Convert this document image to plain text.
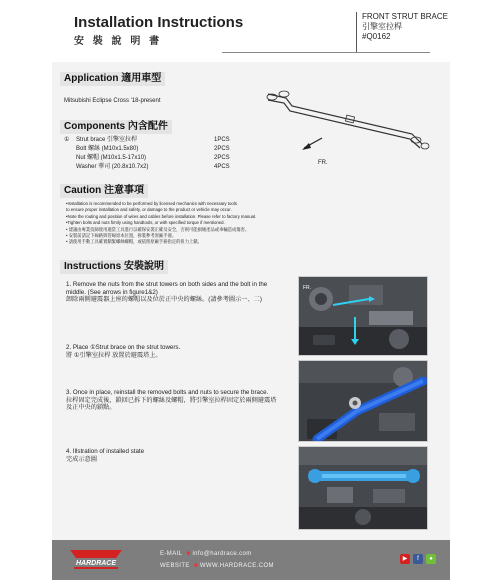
Installation Instructions
安 裝 說 明 書
FRONT STRUT BRACE
引擎室拉桿
#Q0162
Application 適用車型
Mitsubishi Eclipse Cross '18-present
FR.
Components 內含配件
① Strut brace 引擎室拉桿	1PCS
Bolt 螺絲 (M10x1.5x80)	2PCS
Nut 螺帽 (M10x1.5-17x10)	2PCS
Washer 華司 (20.8x10.7x2)	4PCS
Caution 注意事項
•Installation is recommended to be performed by licensed mechanics with necessary tools
to ensure proper installation and safety, or damage to the product or vehicle may occur.
•Note the routing and position of wires and cables before installation. Please refer to factory manual.
•Tighten bolts and nuts firmly using handtools, or with specified torque if mentioned.
• 建議由專業技師使用適當工具進行以確保安裝正確及安全，否則可能損壞產品或車輛造成傷害。
• 安裝前請記下線路與管線原本位置，拆裝參考原廠手冊。
• 請使用手動工具確實鎖緊螺絲螺帽，或依照原廠手冊指定的扭力上鎖。
Instructions 安裝說明
1. Remove the nuts from the strut towers on both sides and the bolt in the middle. (See arrows in figure1&2)
卸除兩側避震器上座的螺帽以及位於正中央的螺絲。(請參考圖示一、二)
2. Place ①Strut brace on the strut towers.
將 ①引擎室拉桿 放置於避震塔上。
3. Once in place, reinstall the removed bolts and nuts to secure the brace.
拉桿固定完成後，鎖回已拆下的螺絲及螺帽，將引擎室拉桿固定於兩側避震塔及正中央的鎖點。
4. Illstration of installed state
完成示意圖
FR.
HARDRACE
E-MAIL ■ info@hardrace.com
WEBSITE ■ WWW.HARDRACE.COM
▶	f	●
